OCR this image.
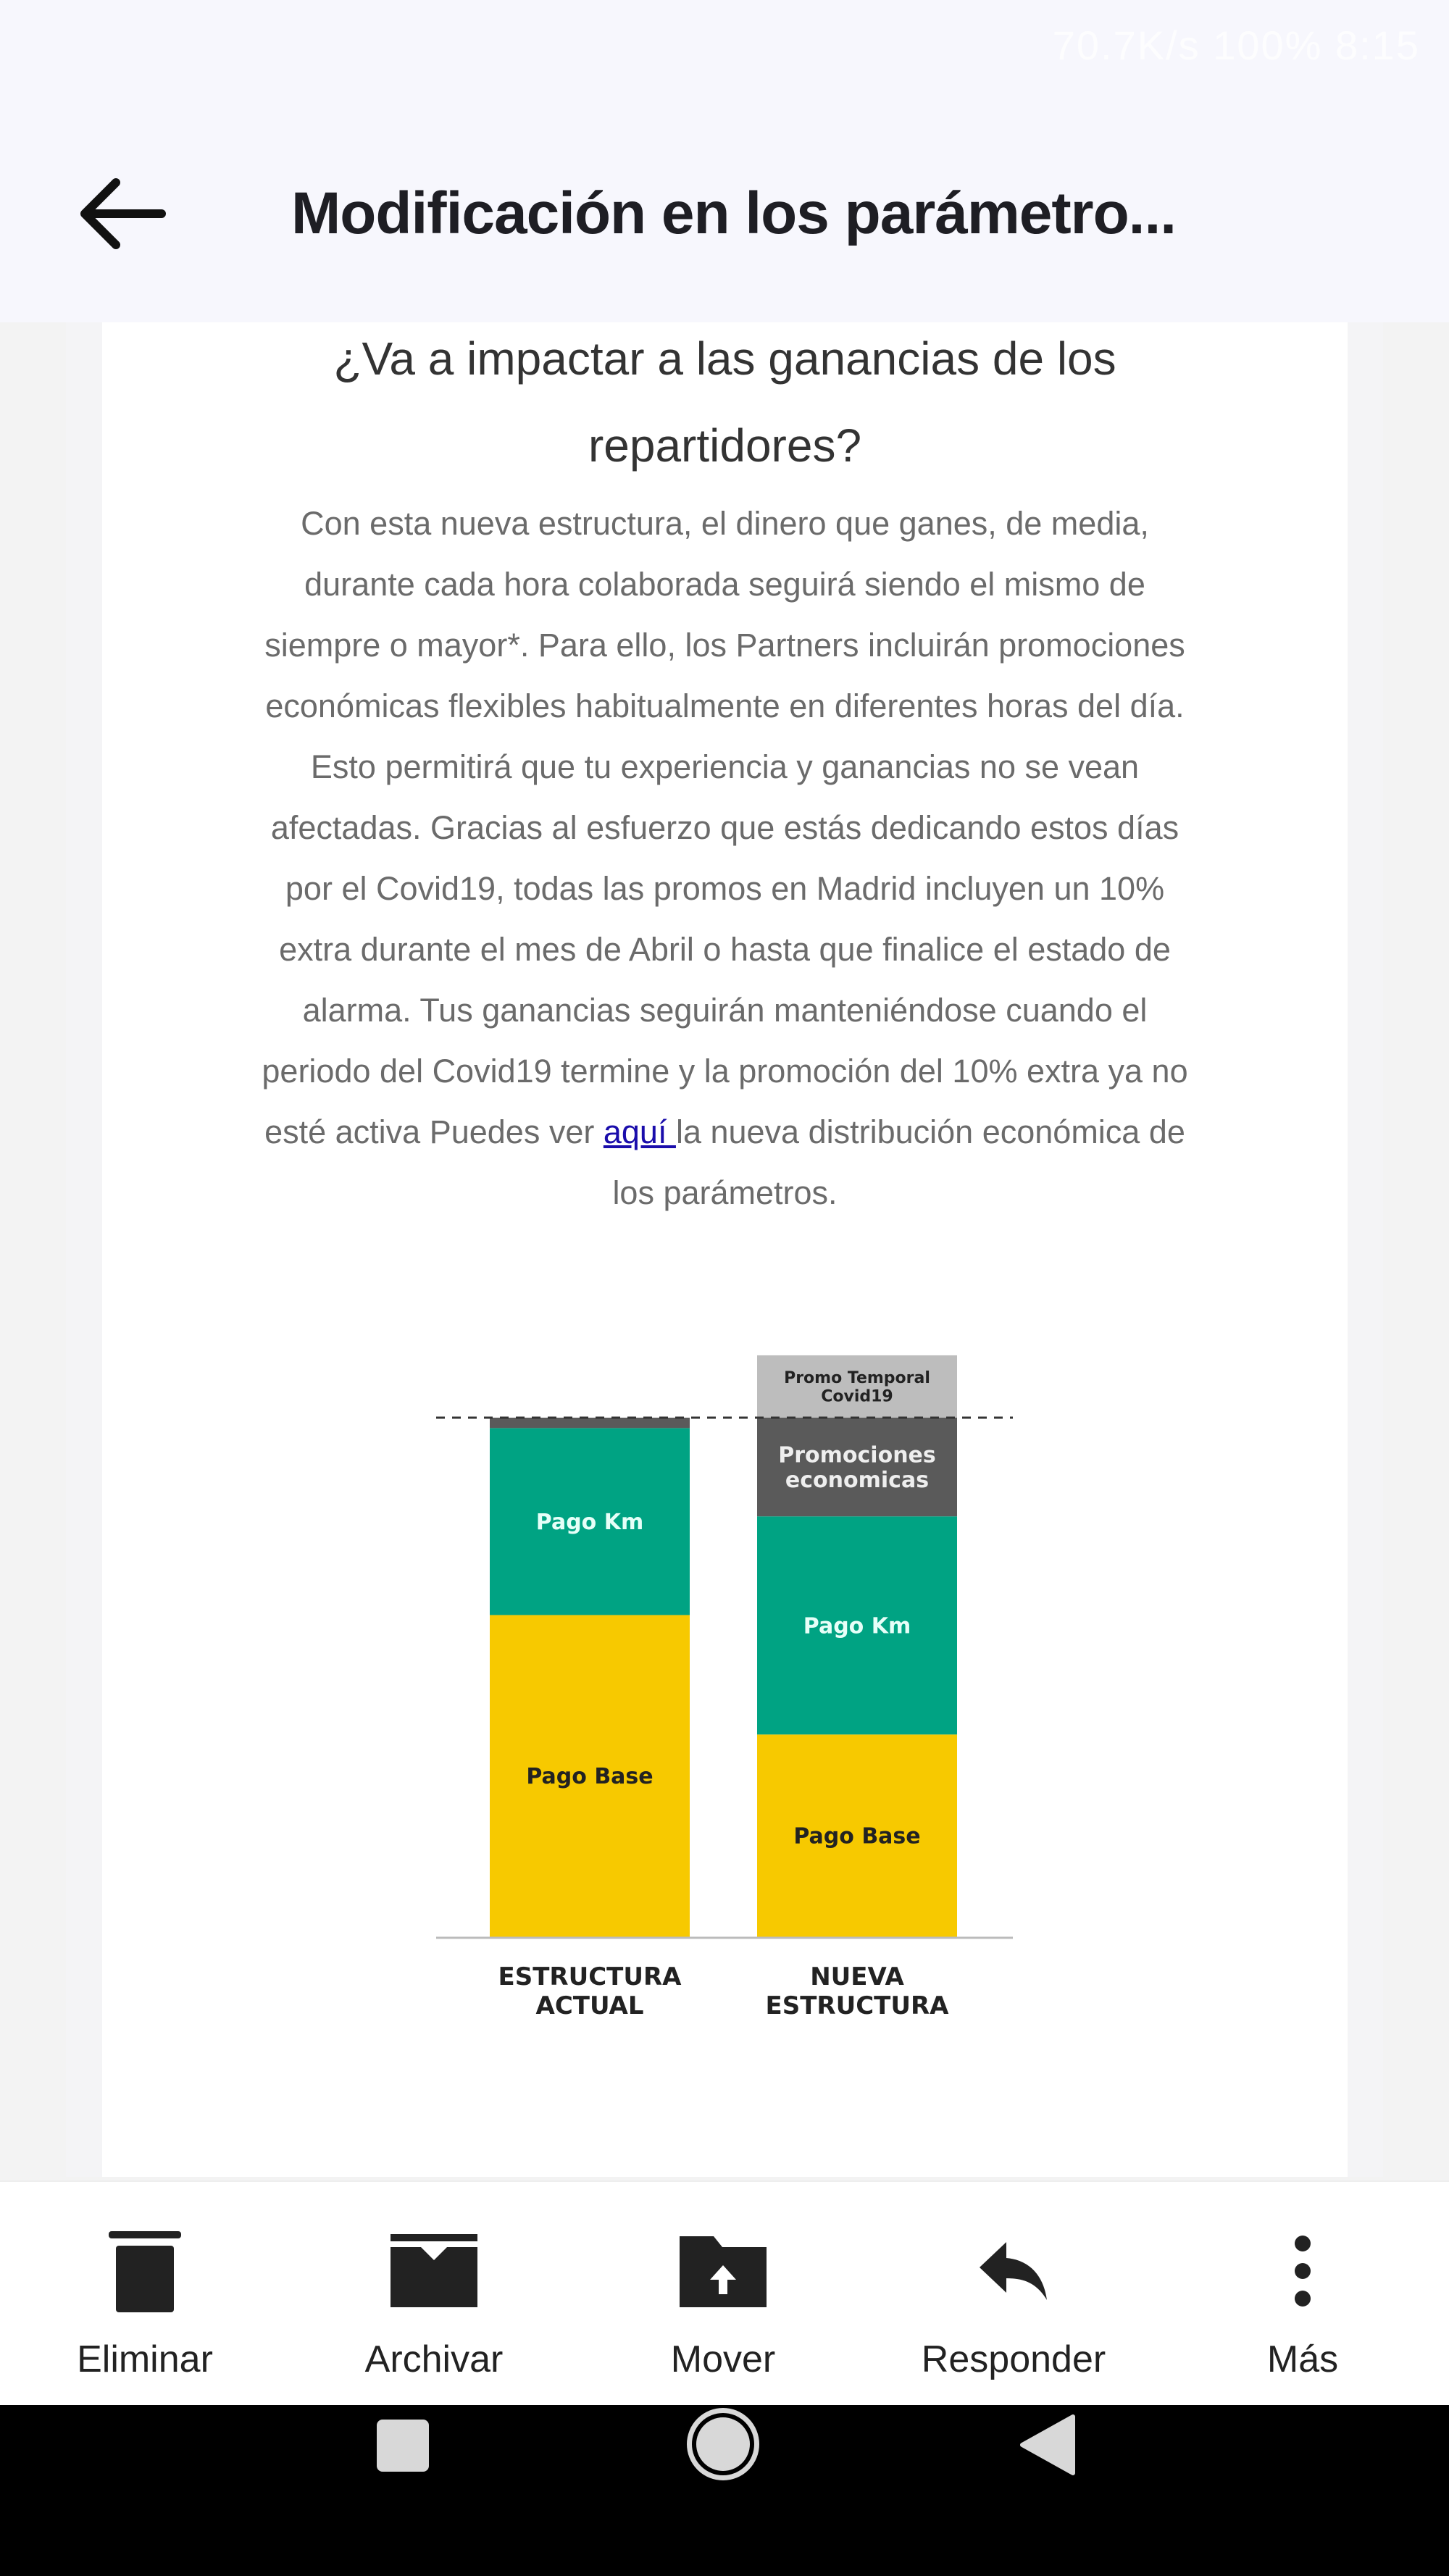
70.7K/s 100% 8:15
Modificación en los parámetro...
¿Va a impactar a las ganancias de los
repartidores?
Con esta nueva estructura, el dinero que ganes, de media,
durante cada hora colaborada seguirá siendo el mismo de
siempre o mayor*. Para ello, los Partners incluirán promociones
económicas flexibles habitualmente en diferentes horas del día.
Esto permitirá que tu experiencia y ganancias no se vean
afectadas. Gracias al esfuerzo que estás dedicando estos días
por el Covid19, todas las promos en Madrid incluyen un 10%
extra durante el mes de Abril o hasta que finalice el estado de
alarma. Tus ganancias seguirán manteniéndose cuando el
periodo del Covid19 termine y la promoción del 10% extra ya no
esté activa Puedes ver aquí la nueva distribución económica de
los parámetros.
Pago Base
Pago Km
ESTRUCTURA
ACTUAL
Pago Base
Pago Km
Promociones
economicas
Promo Temporal
Covid19
NUEVA
ESTRUCTURA
Eliminar	Archivar	Mover	Responder	Más
